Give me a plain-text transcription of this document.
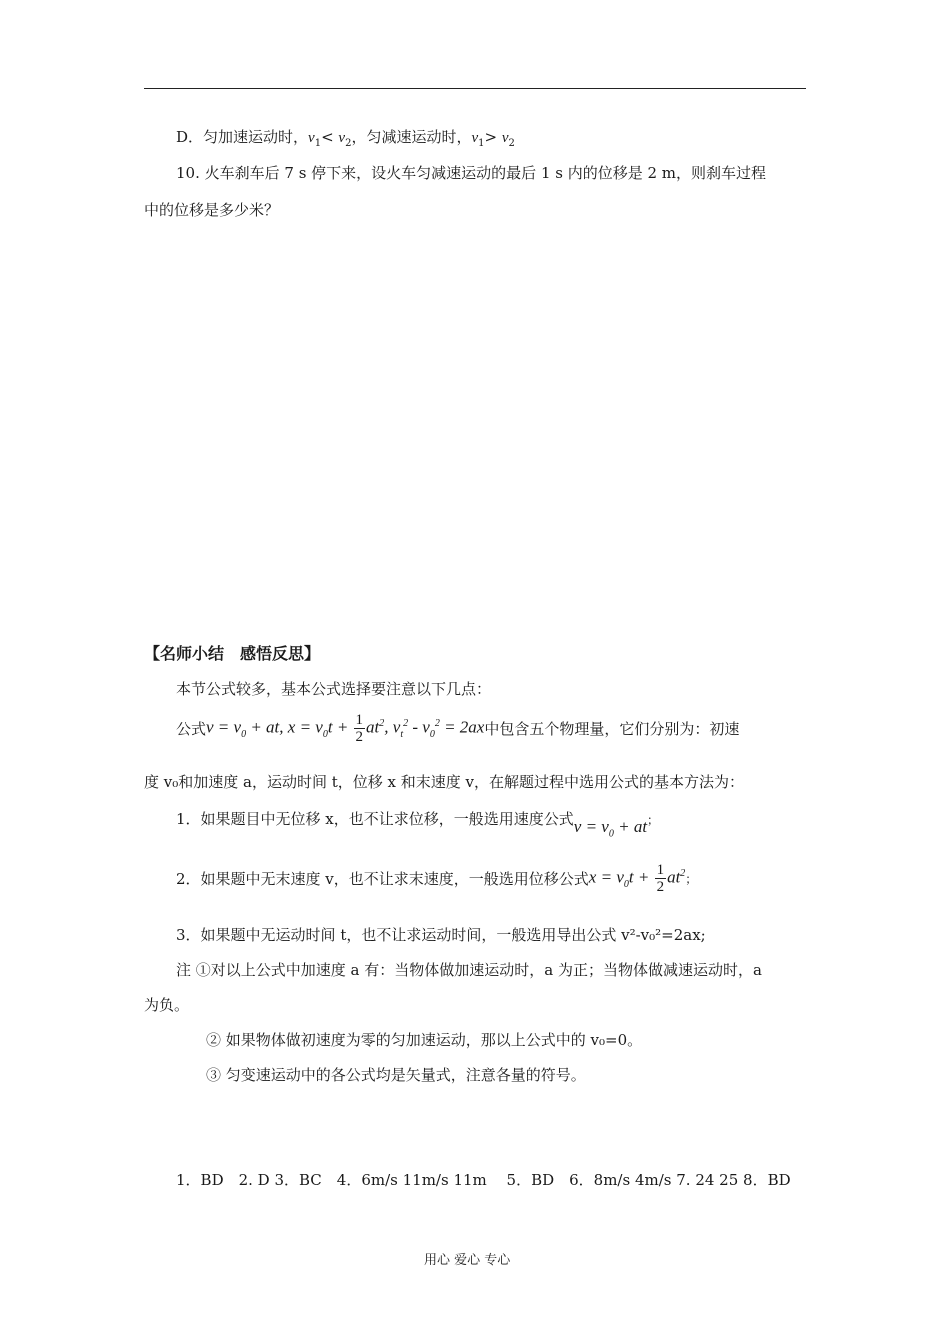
D．匀加速运动时，$v_1< v_2$，匀减速运动时，$v_1> v_2$
10. 火车刹车后 7 s 停下来，设火车匀减速运动的最后 1 s 内的位移是 2 m，则刹车过程
中的位移是多少米？
【名师小结　感悟反思】
本节公式较多，基本公式选择要注意以下几点：
公式$v = v_0$ + at, $x = v_0t + \frac{1}{2} at^2$, $v_t^2 - v_0^2 = 2ax$中包含五个物理量，它们分别为：初速
度 v₀和加速度 a，运动时间 t，位移 x 和末速度 v，在解题过程中选用公式的基本方法为：
1．如果题目中无位移 x，也不让求位移，一般选用速度公式$v = v_0$ + at；
2．如果题中无末速度 v，也不让求末速度，一般选用位移公式$x = v_0t + \frac{1}{2} at^2$；
3．如果题中无运动时间 t，也不让求运动时间，一般选用导出公式 v²-v₀²=2ax;
注 ①对以上公式中加速度 a 有：当物体做加速运动时，a 为正；当物体做减速运动时，a
为负。
② 如果物体做初速度为零的匀加速运动，那以上公式中的 v₀=0。
③ 匀变速运动中的各公式均是矢量式，注意各量的符号。
1．BD　2. D 3．BC　4．6m/s 11m/s 11m　 5．BD　6．8m/s 4m/s 7. 24 25 8．BD
用心 爱心 专心
